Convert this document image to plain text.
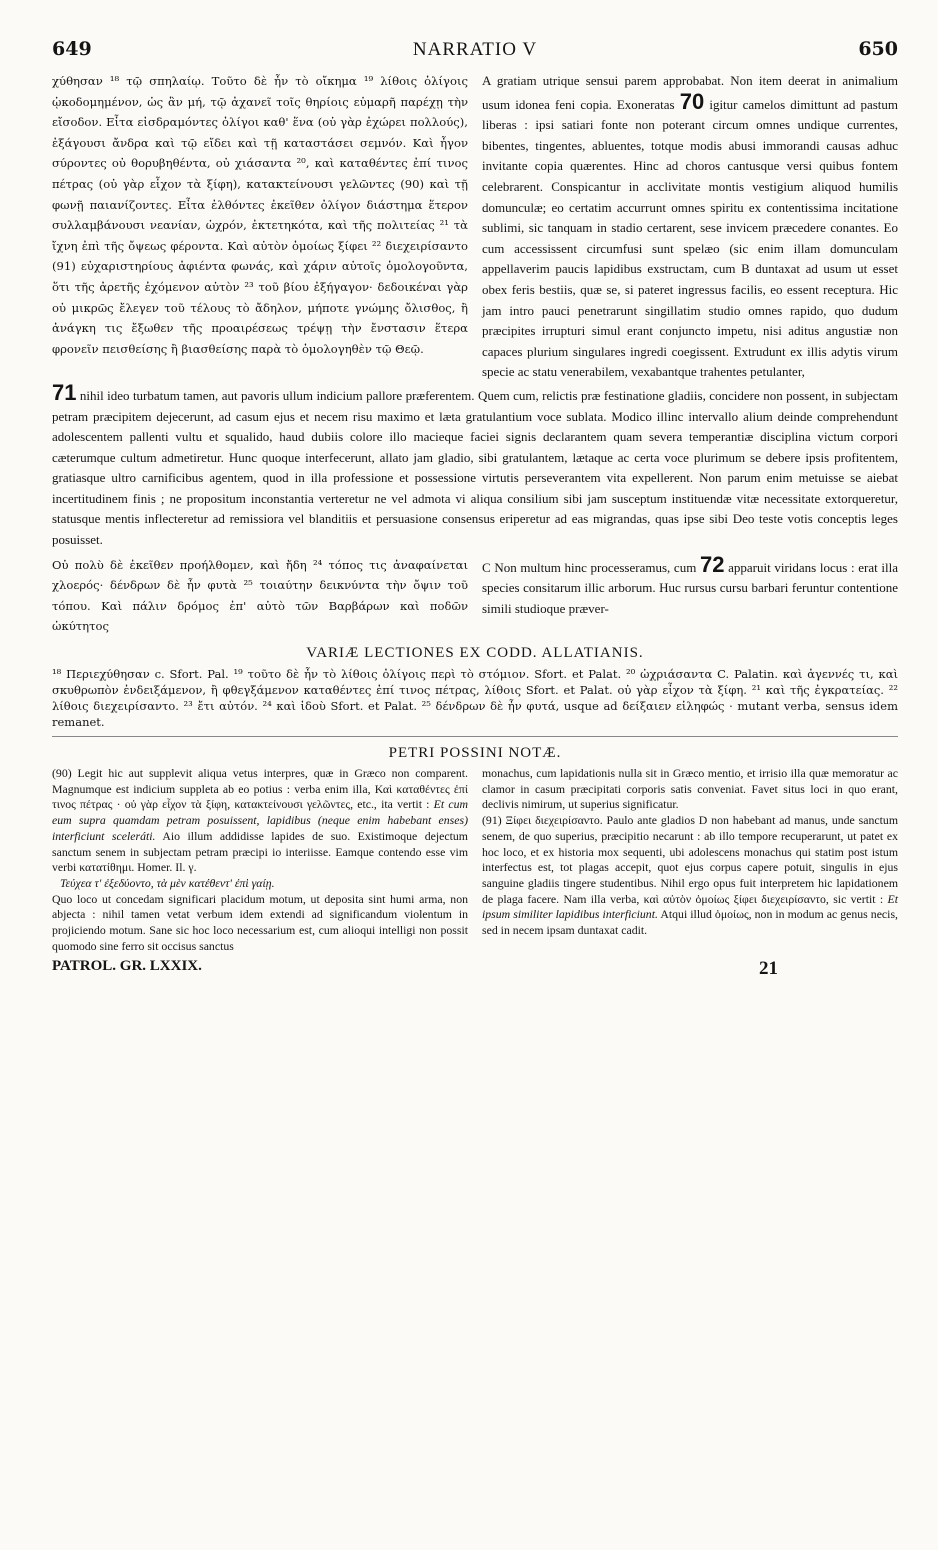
649	NARRATIO V	650

χύθησαν ¹⁸ τῷ σπηλαίῳ. Τοῦτο δὲ ἦν τὸ οἴκημα ¹⁹ λίθοις ὀλίγοις ᾠκοδομημένον, ὡς ἂν μή, τῷ ἀχανεῖ τοῖς θηρίοις εὐμαρῆ παρέχῃ τὴν εἴσοδον. Εἶτα εἰσδραμόντες ὀλίγοι καθ' ἕνα (οὐ γὰρ ἐχώρει πολλούς), ἐξάγουσι ἄνδρα καὶ τῷ εἴδει καὶ τῇ καταστάσει σεμνόν. Καὶ ἦγον σύροντες οὐ θορυβηθέντα, οὐ χιάσαντα ²⁰, καὶ καταθέντες ἐπί τινος πέτρας (οὐ γὰρ εἶχον τὰ ξίφη), κατακτείνουσι γελῶντες (90) καὶ τῇ φωνῇ παιανίζοντες. Εἶτα ἐλθόντες ἐκεῖθεν ὀλίγον διάστημα ἕτερον συλλαμβάνουσι νεανίαν, ὠχρόν, ἐκτετηκότα, καὶ τῆς πολιτείας ²¹ τὰ ἴχνη ἐπὶ τῆς ὄψεως φέροντα. Καὶ αὐτὸν ὁμοίως ξίφει ²² διεχειρίσαντο (91) εὐχαριστηρίους ἀφιέντα φωνάς, καὶ χάριν αὐτοῖς ὁμολογοῦντα, ὅτι τῆς ἀρετῆς ἐχόμενον αὐτὸν ²³ τοῦ βίου ἐξήγαγον· δεδοικέναι γὰρ οὐ μικρῶς ἔλεγεν τοῦ τέλους τὸ ἄδηλον, μήποτε γνώμης ὄλισθος, ἢ ἀνάγκη τις ἔξωθεν τῆς προαιρέσεως τρέψῃ τὴν ἔνστασιν ἕτερα φρονεῖν πεισθείσης ἢ βιασθείσης παρὰ τὸ ὁμολογηθὲν τῷ Θεῷ.

A gratiam utrique sensui parem approbabat. Non item deerat in animalium usum idonea feni copia. Exoneratas 70 igitur camelos dimittunt ad pastum liberas : ipsi satiari fonte non poterant circum omnes undique currentes, bibentes, tingentes, abluentes, totque modis abusi immorandi causas adhuc invitante copia quærentes. Hinc ad choros cantusque versi quibus fontem celebrarent. Conspicantur in acclivitate montis vestigium aliquod humilis domunculæ; eo certatim accurrunt omnes spiritu ex contentissima incitatione sublimi, sic tanquam in stadio certarent, sese invicem præcedere conantes. Eo cum accessissent circumfusi sunt spelæo (sic enim illam domunculam appellaverim paucis lapidibus exstructam, cum B duntaxat ad usum ut esset obex feris bestiis, quæ se, si pateret ingressus facilis, eo essent receptura. Hic jam intro pauci penetrarunt singillatim studio omnes rapido, quo dudum præcipites irrupturi simul erant conjuncto impetu, nisi aditus angustiæ non capaces plurium singulares ingredi coegissent. Extrudunt ex illis adytis virum specie ac statu venerabilem, vexabantque trahentes petulanter,

71 nihil ideo turbatum tamen, aut pavoris ullum indicium pallore præferentem. Quem cum, relictis præ festinatione gladiis, concidere non possent, in subjectam petram præcipitem dejecerunt, ad casum ejus et necem risu maximo et læta gratulantium voce sublata. Modico illinc intervallo alium deinde comprehendunt adolescentem pallenti vultu et squalido, haud dubiis colore illo macieque faciei signis declarantem quam severa temperantiæ disciplina victum corpori cæterumque cultum admetiretur. Hunc quoque interfecerunt, allato jam gladio, sibi gratulantem, lætaque ac certa voce plurimum se debere ipsis profitentem, gratiasque ultro carnificibus agentem, quod in illa professione et possessione virtutis perseverantem vita expellerent. Non parum enim metuisse se aiebat incertitudinem finis ; ne propositum inconstantia verteretur ne vel admota vi aliqua consilium sibi jam susceptum instituendæ vitæ necessitate extorqueretur, statusque mentis inflecteretur ad remissiora vel blanditiis et persuasione consensus eriperetur ad eas migrandas, quas ipse sibi Deo teste votis conceptis leges posuisset.

Οὐ πολὺ δὲ ἐκεῖθεν προήλθομεν, καὶ ἤδη ²⁴ τόπος τις ἀναφαίνεται χλοερός· δένδρων δὲ ἦν φυτὰ ²⁵ τοιαύτην δεικνύντα τὴν ὄψιν τοῦ τόπου. Καὶ πάλιν δρόμος ἐπ' αὐτὸ τῶν Βαρβάρων καὶ ποδῶν ὠκύτητος

C Non multum hinc processeramus, cum 72 apparuit viridans locus : erat illa species consitarum illic arborum. Huc rursus cursu barbari feruntur contentione simili studioque præver-

VARIÆ LECTIONES EX CODD. ALLATIANIS.

¹⁸ Περιεχύθησαν c. Sfort. Pal. ¹⁹ τοῦτο δὲ ἦν τὸ λίθοις ὀλίγοις περὶ τὸ στόμιον. Sfort. et Palat. ²⁰ ὠχριάσαντα C. Palatin. καὶ ἀγεννές τι, καὶ σκυθρωπὸν ἐνδειξάμενον, ἢ φθεγξάμενον καταθέντες ἐπί τινος πέτρας, λίθοις Sfort. et Palat. οὐ γὰρ εἶχον τὰ ξίφη. ²¹ καὶ τῆς ἐγκρατείας. ²² λίθοις διεχειρίσαντο. ²³ ἔτι αὐτόν. ²⁴ καὶ ἰδοὺ Sfort. et Palat. ²⁵ δένδρων δὲ ἦν φυτά, usque ad δείξαιεν εἰληφώς · mutant verba, sensus idem remanet.

PETRI POSSINI NOTÆ.

(90) Legit hic aut supplevit aliqua vetus interpres, quæ in Græco non comparent. Magnumque est indicium suppleta ab eo potius : verba enim illa, Καὶ καταθέντες ἐπί τινος πέτρας · οὐ γὰρ εἶχον τὰ ξίφη, κατακτείνουσι γελῶντες, etc., ita vertit : Et cum eum supra quamdam petram posuissent, lapidibus (neque enim habebant enses) interficiunt sceleráti. Aio illum addidisse lapides de suo. Existimoque dejectum sanctum senem in subjectam petram præcipi io interiisse. Eamque contendo esse vim verbi κατατίθημι. Homer. Il. γ.

Τεύχεα τ' ἐξεδύοντο, τὰ μὲν κατέθεντ' ἐπὶ γαίῃ.

Quo loco ut concedam significari placidum motum, ut deposita sint humi arma, non abjecta : nihil tamen vetat verbum idem extendi ad significandum violentum in projiciendo motum. Sane sic hoc loco necessarium est, cum alioqui intelligi non possit quomodo sine ferro sit occisus sanctus

monachus, cum lapidationis nulla sit in Græco mentio, et irrisio illa quæ memoratur ac clamor in casum præcipitati corporis satis conveniat. Favet situs loci in quo erant, declivis nimirum, ut superius significatur.

(91) Ξίφει διεχειρίσαντο. Paulo ante gladios D non habebant ad manus, unde sanctum senem, de quo superius, præcipitio necarunt : ab illo tempore recuperarunt, ut patet ex hoc loco, et ex historia mox sequenti, ubi adolescens monachus qui statim post istum interfectus est, tot plagas accepit, quot ejus corpus capere potuit, singulis in ejus sanguine gladiis tingere studentibus. Nihil ergo opus fuit interpretem hic lapidationem de plaga facere. Nam illa verba, καὶ αὐτὸν ὁμοίως ξίφει διεχειρίσαντο, sic vertit : Et ipsum similiter lapidibus interficiunt. Atqui illud ὁμοίως, non in modum ac genus necis, sed in necem ipsam duntaxat cadit.

PATROL. GR. LXXIX.	21
